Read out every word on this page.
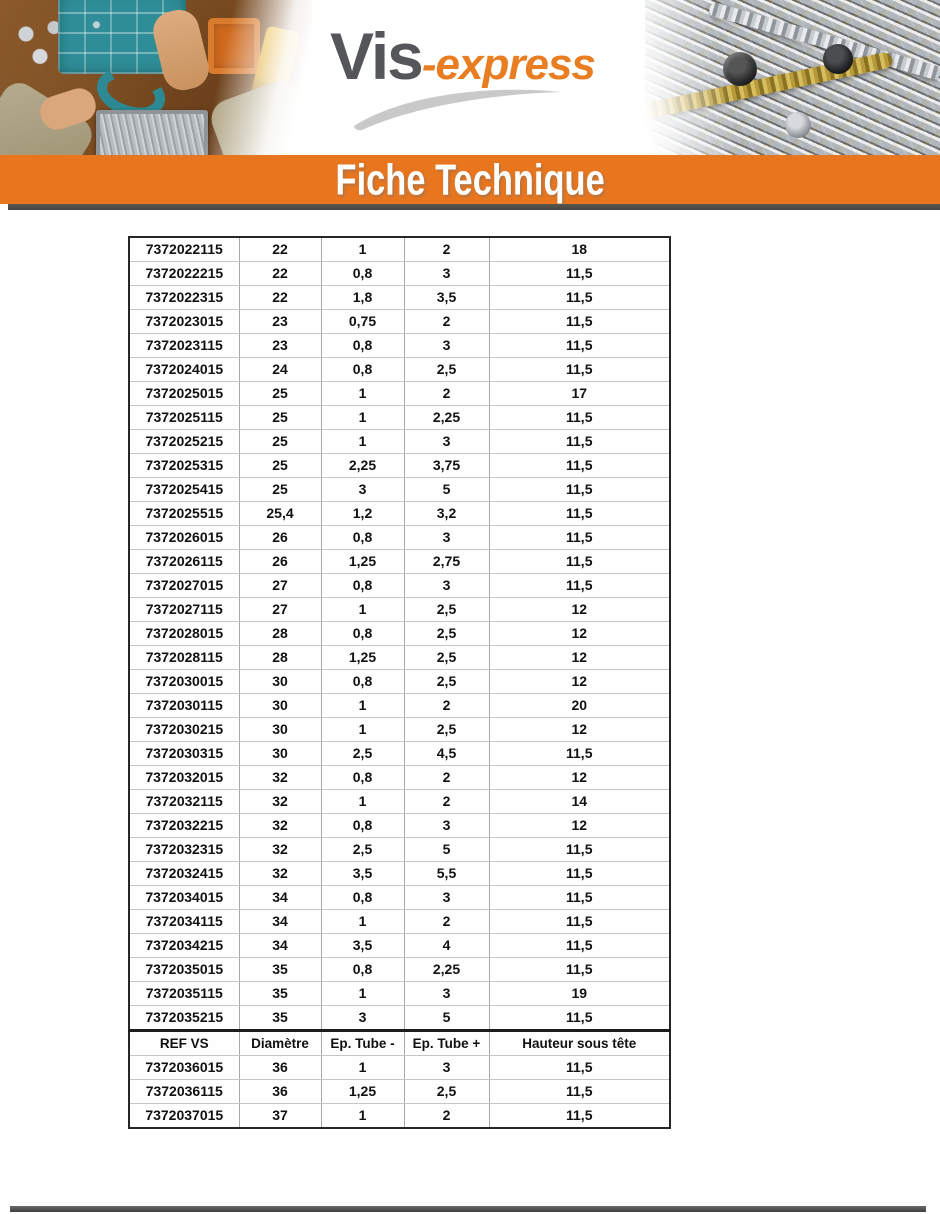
Vis-express
Fiche Technique
7372022115	22	1	2	18
7372022215	22	0,8	3	11,5
7372022315	22	1,8	3,5	11,5
7372023015	23	0,75	2	11,5
7372023115	23	0,8	3	11,5
7372024015	24	0,8	2,5	11,5
7372025015	25	1	2	17
7372025115	25	1	2,25	11,5
7372025215	25	1	3	11,5
7372025315	25	2,25	3,75	11,5
7372025415	25	3	5	11,5
7372025515	25,4	1,2	3,2	11,5
7372026015	26	0,8	3	11,5
7372026115	26	1,25	2,75	11,5
7372027015	27	0,8	3	11,5
7372027115	27	1	2,5	12
7372028015	28	0,8	2,5	12
7372028115	28	1,25	2,5	12
7372030015	30	0,8	2,5	12
7372030115	30	1	2	20
7372030215	30	1	2,5	12
7372030315	30	2,5	4,5	11,5
7372032015	32	0,8	2	12
7372032115	32	1	2	14
7372032215	32	0,8	3	12
7372032315	32	2,5	5	11,5
7372032415	32	3,5	5,5	11,5
7372034015	34	0,8	3	11,5
7372034115	34	1	2	11,5
7372034215	34	3,5	4	11,5
7372035015	35	0,8	2,25	11,5
7372035115	35	1	3	19
7372035215	35	3	5	11,5
REF VS	Diamètre	Ep. Tube -	Ep. Tube +	Hauteur sous tête
7372036015	36	1	3	11,5
7372036115	36	1,25	2,5	11,5
7372037015	37	1	2	11,5
